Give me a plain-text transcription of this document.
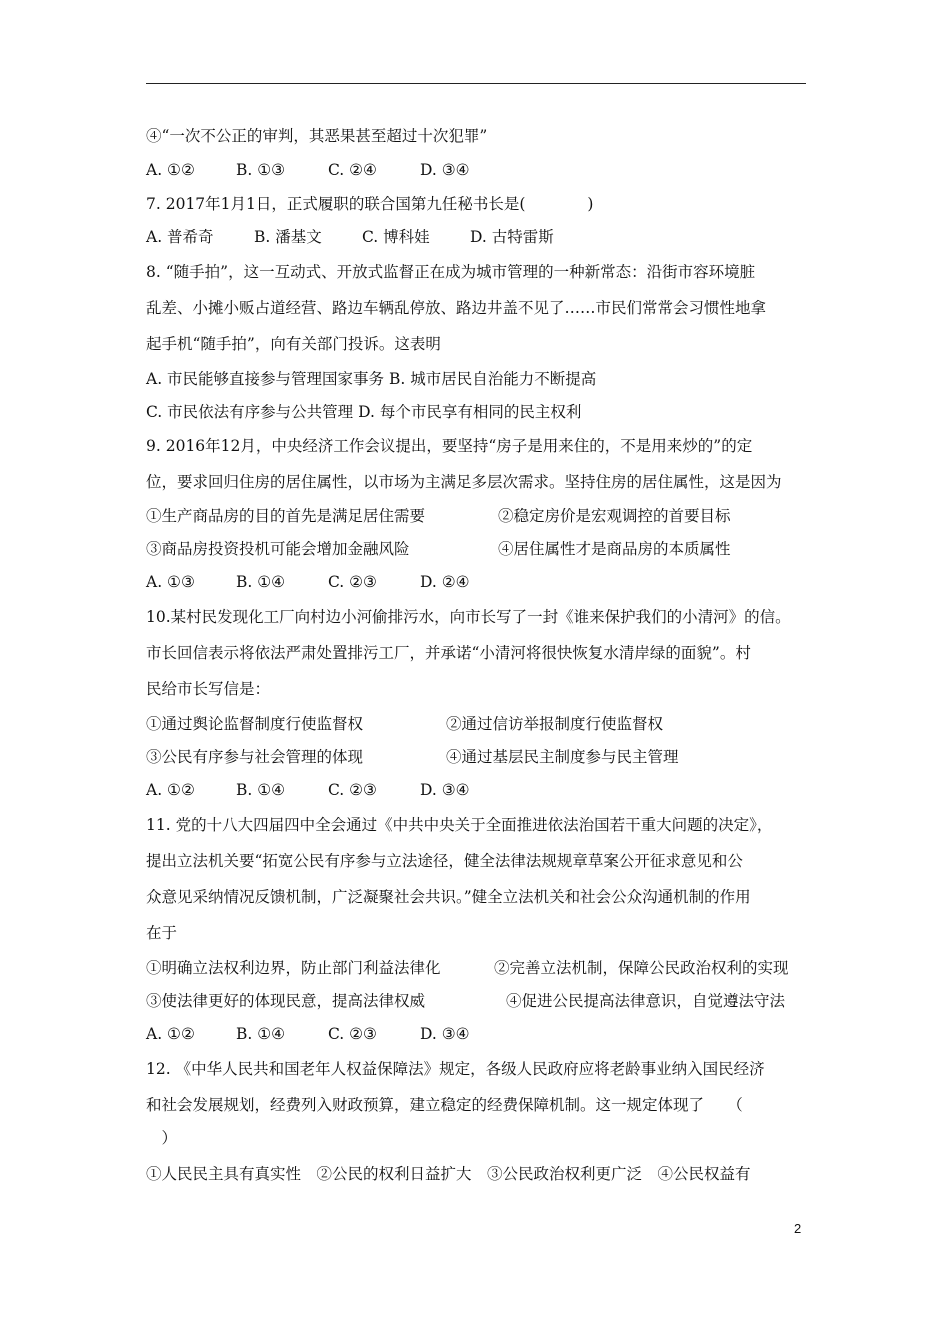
④“一次不公正的审判，其恶果甚至超过十次犯罪”
A. ①②	B. ①③	C. ②④	D. ③④
7. 2017年1月1日，正式履职的联合国第九任秘书长是(　　　　)
A. 普希奇	B. 潘基文	C. 博科娃	D. 古特雷斯
8. “随手拍”，这一互动式、开放式监督正在成为城市管理的一种新常态：沿街市容环境脏
乱差、小摊小贩占道经营、路边车辆乱停放、路边井盖不见了……市民们常常会习惯性地拿
起手机“随手拍”，向有关部门投诉。这表明
A. 市民能够直接参与管理国家事务 B. 城市居民自治能力不断提高
C. 市民依法有序参与公共管理 D. 每个市民享有相同的民主权利
9. 2016年12月，中央经济工作会议提出，要坚持“房子是用来住的，不是用来炒的”的定
位，要求回归住房的居住属性，以市场为主满足多层次需求。坚持住房的居住属性，这是因为
①生产商品房的目的首先是满足居住需要	②稳定房价是宏观调控的首要目标
③商品房投资投机可能会增加金融风险	④居住属性才是商品房的本质属性
A. ①③	B. ①④	C. ②③	D. ②④
10.某村民发现化工厂向村边小河偷排污水，向市长写了一封《谁来保护我们的小清河》的信。
市长回信表示将依法严肃处置排污工厂，并承诺“小清河将很快恢复水清岸绿的面貌”。村
民给市长写信是：
①通过舆论监督制度行使监督权	②通过信访举报制度行使监督权
③公民有序参与社会管理的体现	④通过基层民主制度参与民主管理
A. ①②	B. ①④	C. ②③	D. ③④
11. 党的十八大四届四中全会通过《中共中央关于全面推进依法治国若干重大问题的决定》，
提出立法机关要“拓宽公民有序参与立法途径，健全法律法规规章草案公开征求意见和公
众意见采纳情况反馈机制，广泛凝聚社会共识。”健全立法机关和社会公众沟通机制的作用
在于
①明确立法权利边界，防止部门利益法律化	②完善立法机制，保障公民政治权利的实现
③使法律更好的体现民意，提高法律权威	④促进公民提高法律意识，自觉遵法守法
A. ①②	B. ①④	C. ②③	D. ③④
12. 《中华人民共和国老年人权益保障法》规定，各级人民政府应将老龄事业纳入国民经济
和社会发展规划，经费列入财政预算，建立稳定的经费保障机制。这一规定体现了　　（
　）
①人民民主具有真实性　②公民的权利日益扩大　③公民政治权利更广泛　④公民权益有
2
